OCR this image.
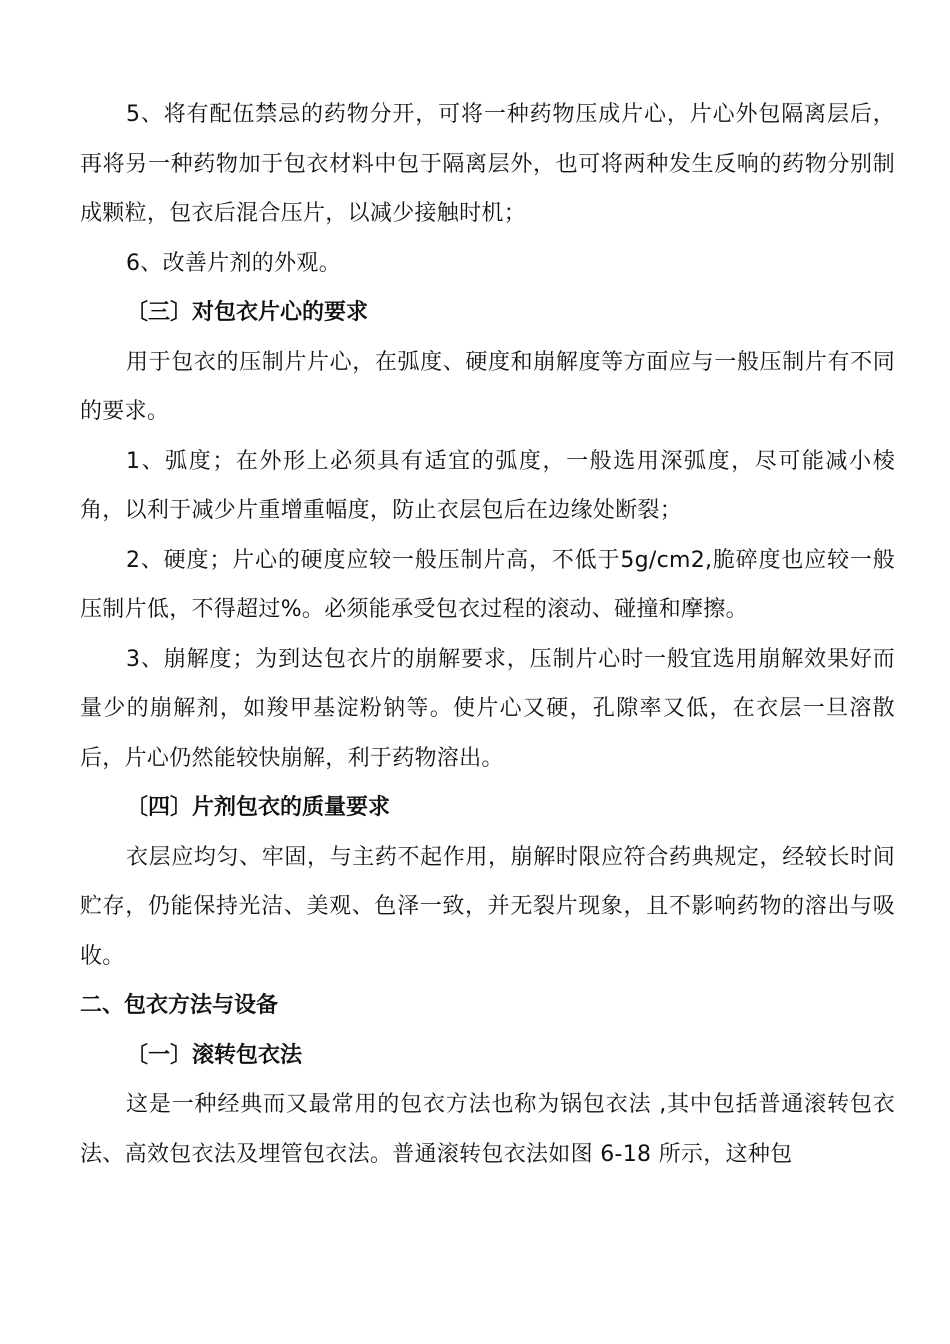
5、将有配伍禁忌的药物分开，可将一种药物压成片心，片心外包隔离层后，再将另一种药物加于包衣材料中包于隔离层外，也可将两种发生反响的药物分别制成颗粒，包衣后混合压片，以减少接触时机；

6、改善片剂的外观。

〔三〕对包衣片心的要求

用于包衣的压制片片心，在弧度、硬度和崩解度等方面应与一般压制片有不同的要求。

1、弧度；在外形上必须具有适宜的弧度，一般选用深弧度，尽可能减小棱角，以利于减少片重增重幅度，防止衣层包后在边缘处断裂；

2、硬度；片心的硬度应较一般压制片高，不低于5g/cm2,脆碎度也应较一般压制片低，不得超过%。必须能承受包衣过程的滚动、碰撞和摩擦。

3、崩解度；为到达包衣片的崩解要求，压制片心时一般宜选用崩解效果好而量少的崩解剂，如羧甲基淀粉钠等。使片心又硬，孔隙率又低，在衣层一旦溶散后，片心仍然能较快崩解，利于药物溶出。

〔四〕片剂包衣的质量要求

衣层应均匀、牢固，与主药不起作用，崩解时限应符合药典规定，经较长时间贮存，仍能保持光洁、美观、色泽一致，并无裂片现象，且不影响药物的溶出与吸收。

二、包衣方法与设备

〔一〕滚转包衣法

这是一种经典而又最常用的包衣方法也称为锅包衣法 ,其中包括普通滚转包衣法、高效包衣法及埋管包衣法。普通滚转包衣法如图 6-18 所示，这种包
